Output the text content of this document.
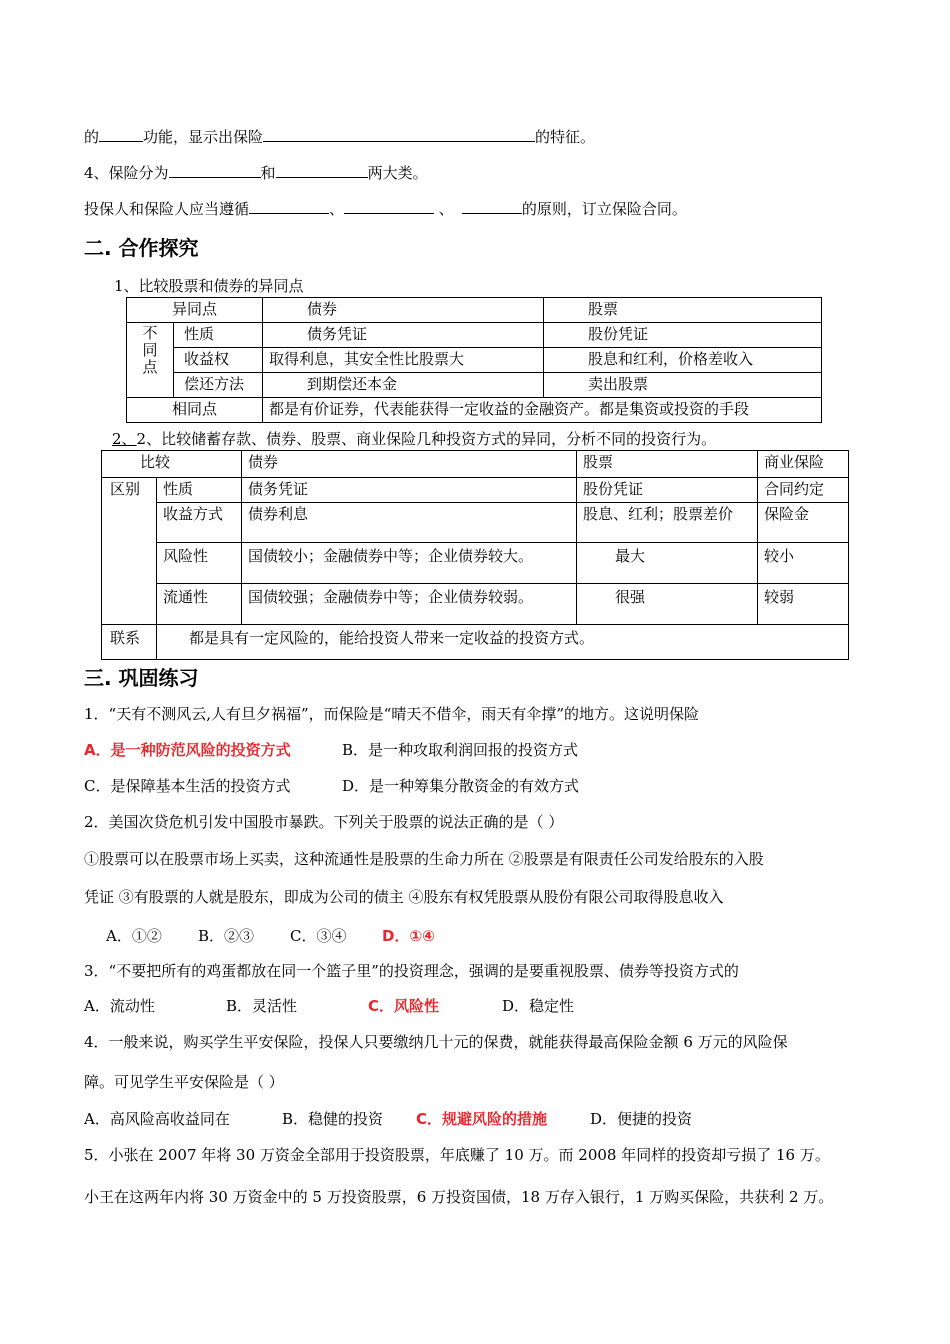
的	功能，显示出保险	的特征。
4、保险分为	和	两大类。
投保人和保险人应当遵循	、	、	的原则，订立保险合同。
二. 合作探究
1、比较股票和债券的异同点
异同点		债券	股票
不
同
点	性质	债务凭证	股份凭证
	收益权	取得利息，其安全性比股票大	股息和红利，价格差收入
	偿还方法	到期偿还本金	卖出股票
相同点		都是有价证券，代表能获得一定收益的金融资产。都是集资或投资的手段	
2、2、比较储蓄存款、债券、股票、商业保险几种投资方式的异同，分析不同的投资行为。
比较		债券	股票	商业保险
区别	性质	债务凭证	股份凭证	合同约定
	收益方式	债券利息	股息、红利；股票差价	保险金
	风险性	国债较小；金融债券中等；企业债券较大。	最大	较小
	流通性	国债较强；金融债券中等；企业债券较弱。	很强	较弱
联系	都是具有一定风险的，能给投资人带来一定收益的投资方式。			
三. 巩固练习
1．“天有不测风云,人有旦夕祸福”，而保险是“晴天不借伞，雨天有伞撑”的地方。这说明保险
A．是一种防范风险的投资方式	B．是一种攻取利润回报的投资方式
C．是保障基本生活的投资方式	D．是一种筹集分散资金的有效方式
2．美国次贷危机引发中国股市暴跌。下列关于股票的说法正确的是（ ）
①股票可以在股票市场上买卖，这种流通性是股票的生命力所在 ②股票是有限责任公司发给股东的入股
凭证 ③有股票的人就是股东，即成为公司的债主 ④股东有权凭股票从股份有限公司取得股息收入
A．①② B．②③ C．③④ D．①④
3．“不要把所有的鸡蛋都放在同一个篮子里”的投资理念，强调的是要重视股票、债券等投资方式的
A．流动性	B．灵活性	C．风险性	D．稳定性
4．一般来说，购买学生平安保险，投保人只要缴纳几十元的保费，就能获得最高保险金额 6 万元的风险保
障。可见学生平安保险是（ ）
A．高风险高收益同在	B．稳健的投资 C．规避风险的措施	D．便捷的投资
5．小张在 2007 年将 30 万资金全部用于投资股票，年底赚了 10 万。而 2008 年同样的投资却亏损了 16 万。
小王在这两年内将 30 万资金中的 5 万投资股票，6 万投资国债，18 万存入银行，1 万购买保险，共获利 2 万。
